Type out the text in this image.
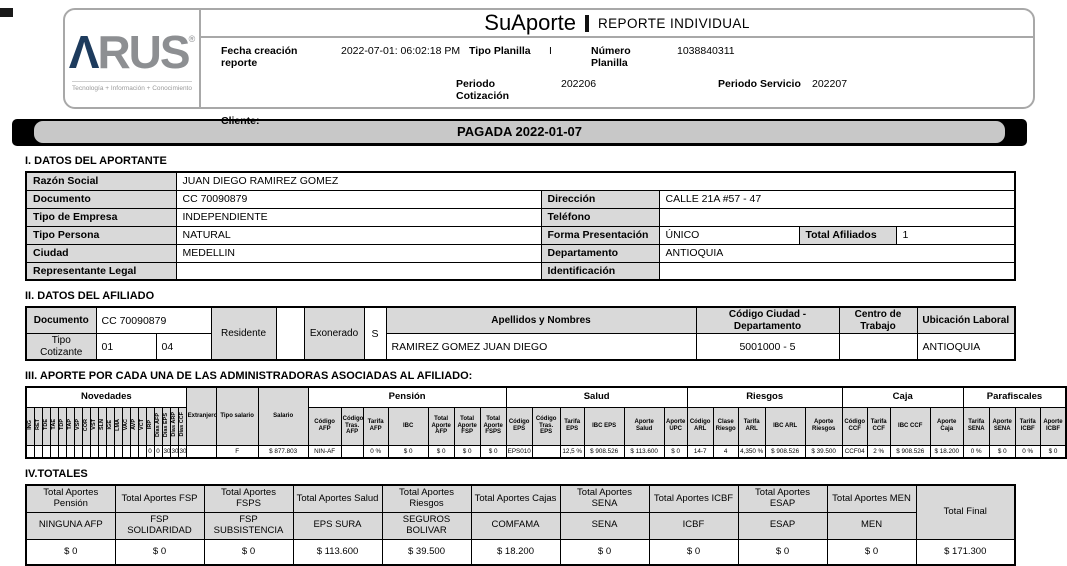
ΛRUS®
Tecnología + Información + Conocimiento
SuAporte REPORTE INDIVIDUAL
Fecha creación reporte
2022-07-01: 06:02:18 PM Tipo Planilla	I	Número Planilla
1038840311
Periodo Cotización
202206	Periodo Servicio 202207
Cliente:
PAGADA 2022-01-07
I. DATOS DEL APORTANTE
Razón Social	JUAN DIEGO RAMIREZ GOMEZ				
Documento	CC 70090879	Dirección	CALLE 21A #57 - 47		
Tipo de Empresa	INDEPENDIENTE	Teléfono			
Tipo Persona	NATURAL	Forma Presentación	ÚNICO	Total Afiliados	1
Ciudad	MEDELLIN	Departamento	ANTIOQUIA		
Representante Legal		Identificación			
II. DATOS DEL AFILIADO
Documento	CC 70090879		Residente		Exonerado	S	Apellidos y Nombres	Código Ciudad - Departamento	Centro de Trabajo	Ubicación Laboral
Tipo Cotizante	01	04					RAMIREZ GOMEZ JUAN DIEGO	5001000 - 5		ANTIOQUIA
III. APORTE POR CADA UNA DE LAS ADMINISTRADORAS ASOCIADAS AL AFILIADO:
Novedades																				Extranjero	Tipo salario	Salario	Pensión							Salud						Riesgos					Caja				Parafiscales			
ING	RET	TDE	TAE	TDP	TAP	VSP	COR	VST	SLN	IGE	LMA	VAC	AVP	VCT	IRP	Días AFP	Días EPS	Días ARP	Días CCF				Código AFP	Código Tras. AFP	Tarifa AFP	IBC	Total Aporte AFP	Total Aporte FSP	Total Aporte FSPS	Código EPS	Código Tras. EPS	Tarifa EPS	IBC EPS	Aporte Salud	Aporte UPC	Código ARL	Clase Riesgo	Tarifa ARL	IBC ARL	Aporte Riesgos	Código CCF	Tarifa CCF	IBC CCF	Aporte Caja	Tarifa SENA	Aporte SENA	Tarifa ICBF	Aporte ICBF
															0	0	30	30	30		F	$ 877.803	NIN-AF		0 %	$ 0	$ 0	$ 0	$ 0	EPS010		12,5 %	$ 908.526	$ 113.600	$ 0	14-7	4	4,350 %	$ 908.526	$ 39.500	CCF04	2 %	$ 908.526	$ 18.200	0 %	$ 0	0 %	$ 0
IV.TOTALES
Total Aportes Pensión	Total Aportes FSP	Total Aportes FSPS	Total Aportes Salud	Total Aportes Riesgos	Total Aportes Cajas	Total Aportes SENA	Total Aportes ICBF	Total Aportes ESAP	Total Aportes MEN	Total Final
NINGUNA AFP	FSP SOLIDARIDAD	FSP SUBSISTENCIA	EPS SURA	SEGUROS BOLIVAR	COMFAMA	SENA	ICBF	ESAP	MEN	
$ 0	$ 0	$ 0	$ 113.600	$ 39.500	$ 18.200	$ 0	$ 0	$ 0	$ 0	$ 171.300
